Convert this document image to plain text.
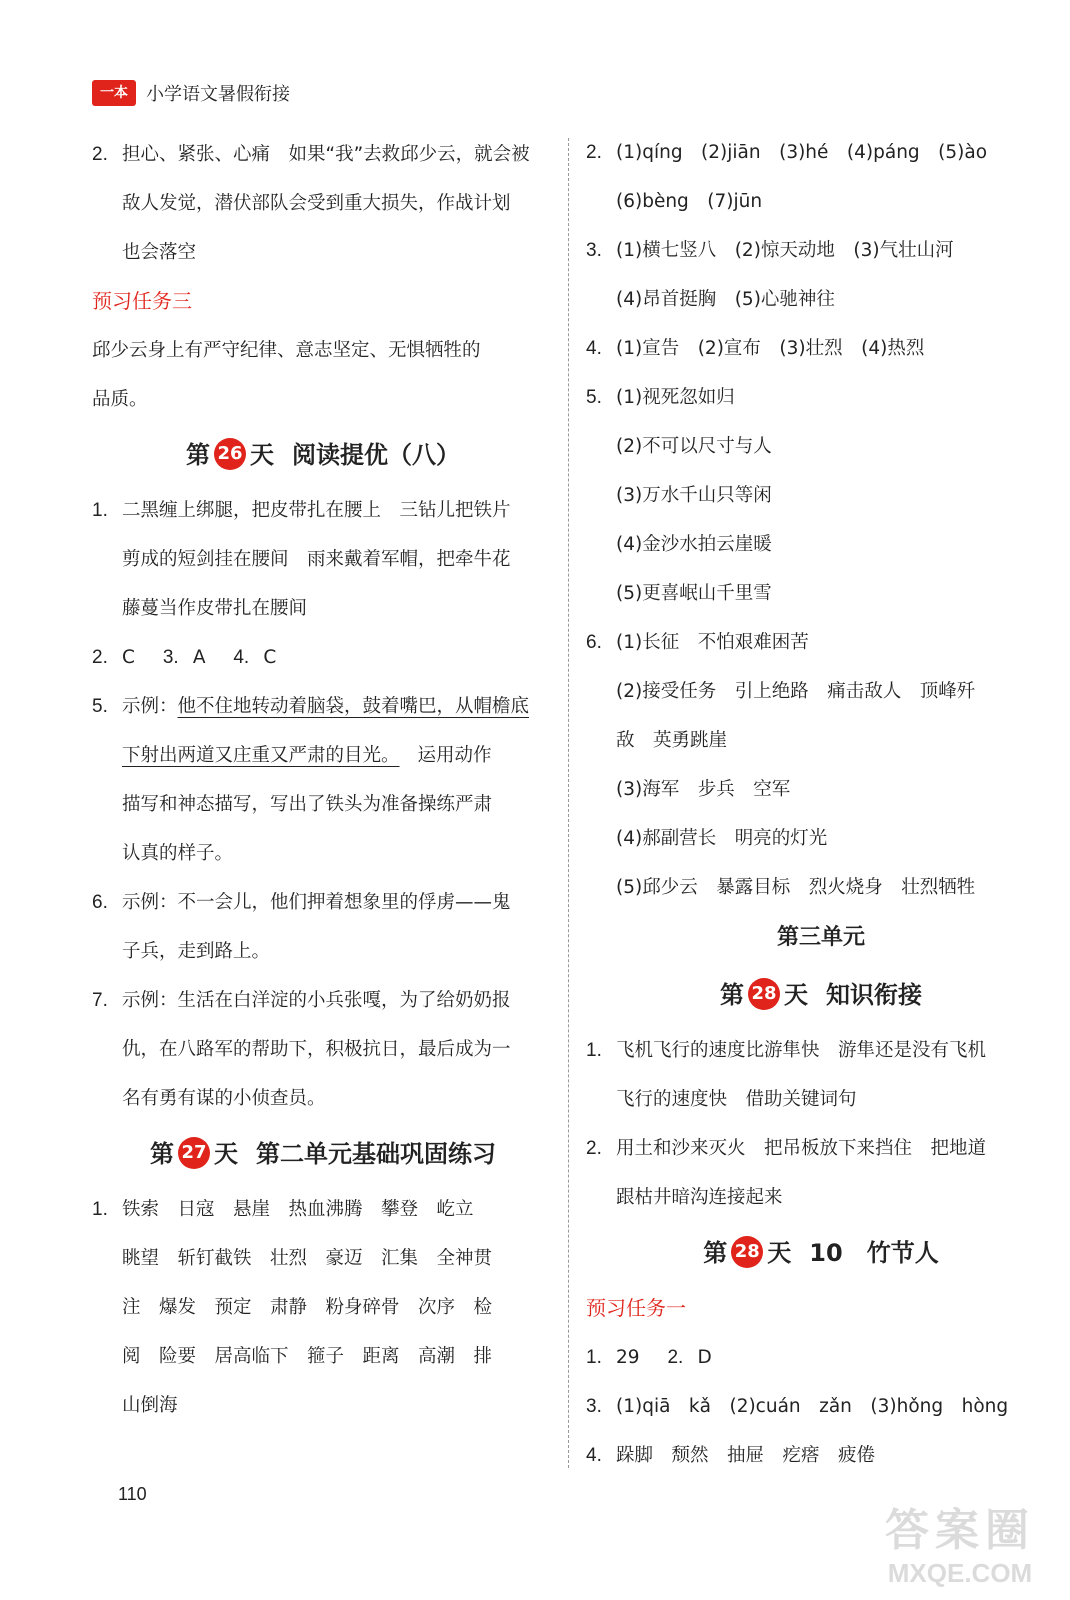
一本	小学语文暑假衔接
2. 担心、紧张、心痛　如果“我”去救邱少云，就会被
敌人发觉，潜伏部队会受到重大损失，作战计划
也会落空
预习任务三
邱少云身上有严守纪律、意志坚定、无惧牺牲的
品质。
第 26 天 阅读提优（八）
1. 二黑缠上绑腿，把皮带扎在腰上　三钻儿把铁片
剪成的短剑挂在腰间　雨来戴着军帽，把牵牛花
藤蔓当作皮带扎在腰间
2. C 3. A 4. C
5. 示例：他不住地转动着脑袋，鼓着嘴巴，从帽檐底
下射出两道又庄重又严肃的目光。 运用动作
描写和神态描写，写出了铁头为准备操练严肃
认真的样子。
6. 示例：不一会儿，他们押着想象里的俘虏——鬼
子兵，走到路上。
7. 示例：生活在白洋淀的小兵张嘎，为了给奶奶报
仇，在八路军的帮助下，积极抗日，最后成为一
名有勇有谋的小侦查员。
第 27 天 第二单元基础巩固练习
1. 铁索　日寇　悬崖　热血沸腾　攀登　屹立
眺望　斩钉截铁　壮烈　豪迈　汇集　全神贯
注　爆发　预定　肃静　粉身碎骨　次序　检
阅　险要　居高临下　箍子　距离　高潮　排
山倒海
2. (1)qíng　(2)jiān　(3)hé　(4)páng　(5)ào
(6)bèng　(7)jūn
3. (1)横七竖八　(2)惊天动地　(3)气壮山河
(4)昂首挺胸　(5)心驰神往
4. (1)宣告　(2)宣布　(3)壮烈　(4)热烈
5. (1)视死忽如归
(2)不可以尺寸与人
(3)万水千山只等闲
(4)金沙水拍云崖暖
(5)更喜岷山千里雪
6. (1)长征　不怕艰难困苦
(2)接受任务　引上绝路　痛击敌人　顶峰歼
敌　英勇跳崖
(3)海军　步兵　空军
(4)郝副营长　明亮的灯光
(5)邱少云　暴露目标　烈火烧身　壮烈牺牲
第三单元
第 28 天 知识衔接
1. 飞机飞行的速度比游隼快　游隼还是没有飞机
飞行的速度快　借助关键词句
2. 用土和沙来灭火　把吊板放下来挡住　把地道
跟枯井暗沟连接起来
第 28 天 10　竹节人
预习任务一
1. 29 2. D
3. (1)qiā　kǎ　(2)cuán　zǎn　(3)hǒng　hòng
4. 跺脚　颓然　抽屉　疙瘩　疲倦
110
答案圈
MXQE.COM
